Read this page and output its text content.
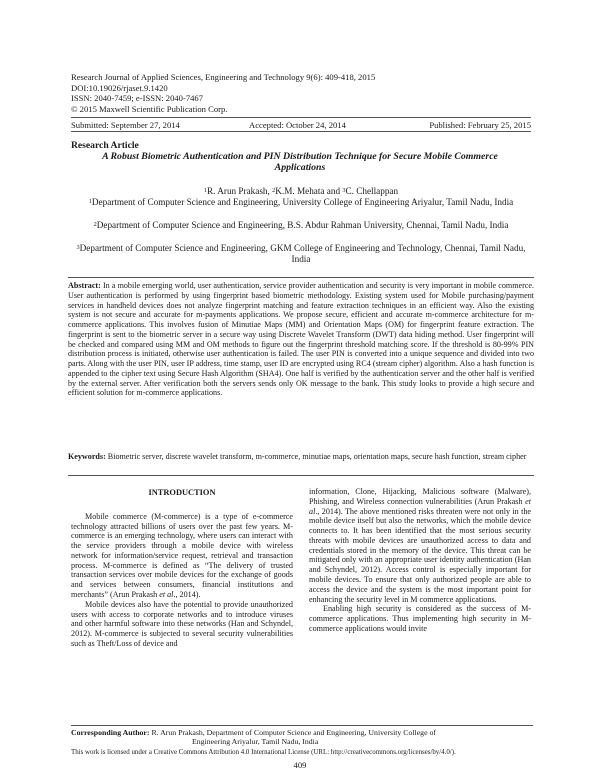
Research Journal of Applied Sciences, Engineering and Technology 9(6): 409-418, 2015
DOI:10.19026/rjaset.9.1420
ISSN: 2040-7459; e-ISSN: 2040-7467
© 2015 Maxwell Scientific Publication Corp.
Submitted: September 27, 2014	Accepted: October 24, 2014	Published: February 25, 2015
Research Article
A Robust Biometric Authentication and PIN Distribution Technique for Secure Mobile Commerce Applications
$^1$R. Arun Prakash, $^2$K.M. Mehata and $^3$C. Chellappan
$^1$Department of Computer Science and Engineering, University College of Engineering Ariyalur, Tamil Nadu, India
$^2$Department of Computer Science and Engineering, B.S. Abdur Rahman University, Chennai, Tamil Nadu, India
$^3$Department of Computer Science and Engineering, GKM College of Engineering and Technology, Chennai, Tamil Nadu, India
Abstract: In a mobile emerging world, user authentication, service provider authentication and security is very important in mobile commerce. User authentication is performed by using fingerprint based biometric methodology. Existing system used for Mobile purchasing/payment services in handheld devices does not analyze fingerprint matching and feature extraction techniques in an efficient way. Also the existing system is not secure and accurate for m-payments applications. We propose secure, efficient and accurate m-commerce architecture for m-commerce applications. This involves fusion of Minutiae Maps (MM) and Orientation Maps (OM) for fingerprint feature extraction. The fingerprint is sent to the biometric server in a secure way using Discrete Wavelet Transform (DWT) data hiding method. User fingerprint will be checked and compared using MM and OM methods to figure out the fingerprint threshold matching score. If the threshold is 80-99% PIN distribution process is initiated, otherwise user authentication is failed. The user PIN is converted into a unique sequence and divided into two parts. Along with the user PIN, user IP address, time stamp, user ID are encrypted using RC4 (stream cipher) algorithm. Also a hash function is appended to the cipher text using Secure Hash Algorithm (SHA4). One half is verified by the authentication server and the other half is verified by the external server. After verification both the servers sends only OK message to the bank. This study looks to provide a high secure and efficient solution for m-commerce applications.
Keywords: Biometric server, discrete wavelet transform, m-commerce, minutiae maps, orientation maps, secure hash function, stream cipher
INTRODUCTION

Mobile commerce (M-commerce) is a type of e-commerce technology attracted billions of users over the past few years. M-commerce is an emerging technology, where users can interact with the service providers through a mobile device with wireless network for information/service request, retrieval and transaction process. M-commerce is defined as “The delivery of trusted transaction services over mobile devices for the exchange of goods and services between consumers, financial institutions and merchants” (Arun Prakash et al., 2014).

Mobile devices also have the potential to provide unauthorized users with access to corporate networks and to introduce viruses and other harmful software into these networks (Han and Schyndel, 2012). M-commerce is subjected to several security vulnerabilities such as Theft/Loss of device and

information, Clone, Hijacking, Malicious software (Malware), Phishing, and Wireless connection vulnerabilities (Arun Prakash et al., 2014). The above mentioned risks threaten were not only in the mobile device itself but also the networks, which the mobile device connects to. It has been identified that the most serious security threats with mobile devices are unauthorized access to data and credentials stored in the memory of the device. This threat can be mitigated only with an appropriate user identity authentication (Han and Schyndel, 2012). Access control is especially important for mobile devices. To ensure that only authorized people are able to access the device and the system is the most important point for enhancing the security level in M commerce applications.

Enabling high security is considered as the success of M-commerce applications. Thus implementing high security in M-commerce applications would invite

Corresponding Author: R. Arun Prakash, Department of Computer Science and Engineering, University College of
Engineering Ariyalur, Tamil Nadu, India
This work is licensed under a Creative Commons Attribution 4.0 International License (URL: http://creativecommons.org/licenses/by/4.0/).
409
